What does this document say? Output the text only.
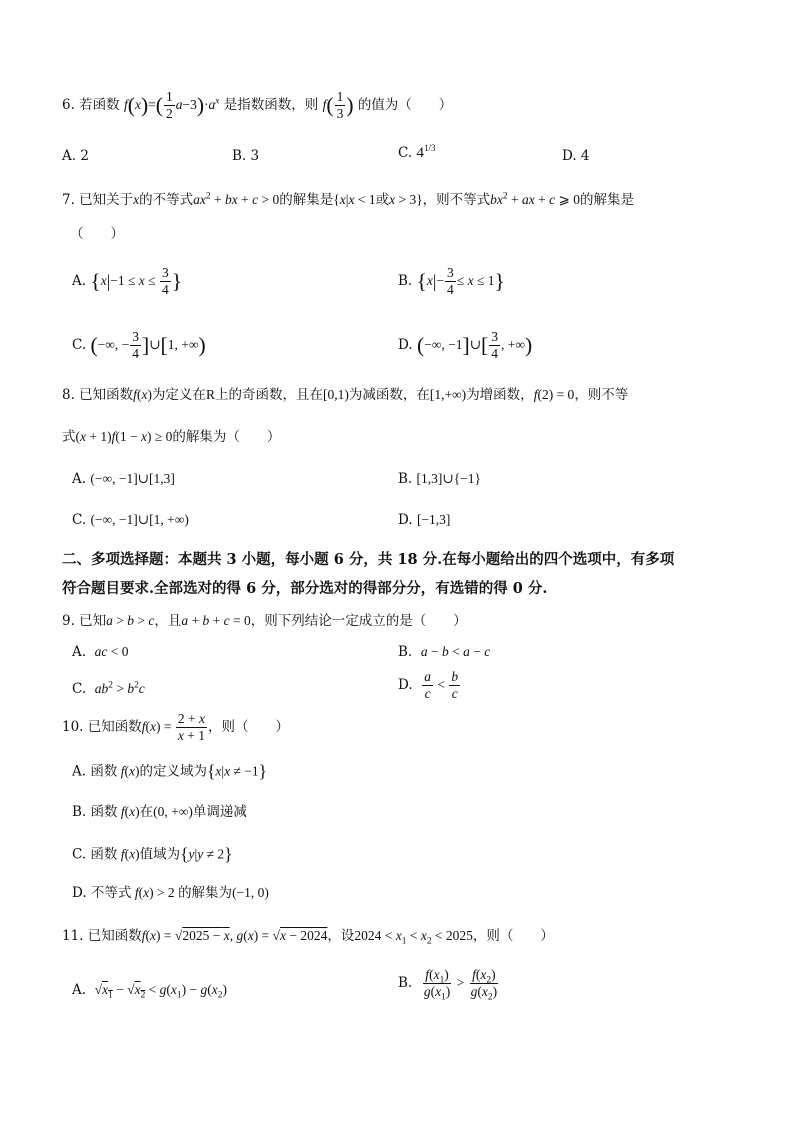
6. 若函数 $f(x)=( \frac{1}{2} a-3)\cdot a^x$ 是指数函数，则 $f( \frac{1}{3}$ ) 的值为（　　）
A. 2	B. 3	C. $4^{1/3}$	D. 4
7. 已知关于x的不等式$ax^2$ + bx + c > 0的解集是{x|x < 1或x > 3}，则不等式$bx^2$ + ax + c ⩾ 0的解集是
（　　）
A. {$x|-1 \le x \le \frac{3}{4}$ }	B. $\{x|- \frac{3}{4} \le x \le 1\}$
C. (−∞, − $\frac{3}{4}$ ]∪[1, +∞)	D. (−∞, −1]∪[ $\frac{3}{4}$ , +∞)
8. 已知函数f(x)为定义在R上的奇函数，且在[0,1)为减函数，在[1,+∞)为增函数，f(2) = 0，则不等
式(x + 1)f(1 − x) ≥ 0的解集为（　　）
A. (−∞, −1]∪[1,3]	B. [1,3]∪{−1}
C. (−∞, −1]∪[1, +∞)	D. [−1,3]
二、多项选择题：本题共 3 小题，每小题 6 分，共 18 分.在每小题给出的四个选项中，有多项
符合题目要求.全部选对的得 6 分，部分选对的得部分分，有选错的得 0 分.
9. 已知a > b > c，且a + b + c = 0，则下列结论一定成立的是（　　）
A. ac < 0	B. a − b < a − c
C. $ab^2 > b^2c$	D. $\frac{a}{c} < \frac{b}{c}$
10. 已知函数$f(x) = \frac{2 + x}{x + 1}$ ，则（　　）
A. 函数 f(x)的定义域为{x|x ≠ −1}
B. 函数 f(x)在(0, +∞)单调递减
C. 函数 f(x)值域为{y|y ≠ 2}
D. 不等式 f(x) > 2 的解集为(−1, 0)
11. 已知函数f(x) = √2025 − x, g(x) = √x − 2024，设$2024 < x_1 < x_2 < 2025$，则（　　）
A. $√x_1 - √x_2 < g(x_1) - g(x_2)$	B. $\frac{f(x_1)}{g(x_1)} > \frac{f(x_2)}{g(x_2)}$
